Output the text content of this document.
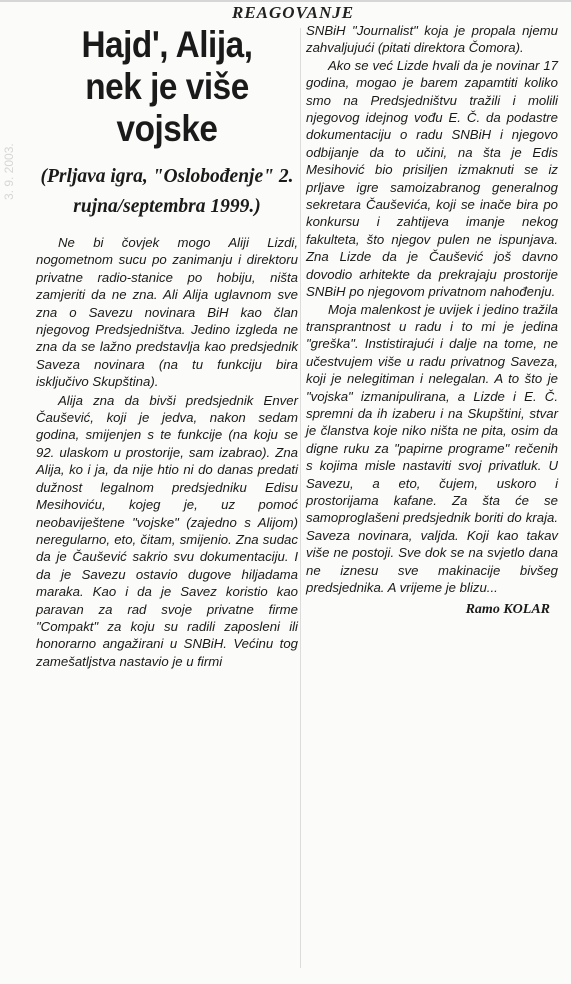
3. 9. 2003.
REAGOVANJE
Hajd', Alija, nek je više vojske
(Prljava igra, "Oslobođenje" 2. rujna/septembra 1999.)

Ne bi čovjek mogo Aliji Lizdi, nogometnom sucu po zanimanju i direktoru privatne radio-stanice po hobiju, ništa zamjeriti da ne zna. Ali Alija uglavnom sve zna o Savezu novinara BiH kao član njegovog Predsjedništva. Jedino izgleda ne zna da se lažno predstavlja kao predsjednik Saveza novinara (na tu funkciju bira isključivo Skupština).

Alija zna da bivši predsjednik Enver Čaušević, koji je jedva, nakon sedam godina, smijenjen s te funkcije (na koju se 92. ulaskom u prostorije, sam izabrao). Zna Alija, ko i ja, da nije htio ni do danas predati dužnost legalnom predsjedniku Edisu Mesihoviću, kojeg je, uz pomoć neobaviještene "vojske" (zajedno s Alijom) neregularno, eto, čitam, smijenio. Zna sudac da je Čaušević sakrio svu dokumentaciju. I da je Savezu ostavio dugove hiljadama maraka. Kao i da je Savez koristio kao paravan za rad svoje privatne firme "Compakt" za koju su radili zaposleni ili honorarno angažirani u SNBiH. Većinu tog zamešatljstva nastavio je u firmi

SNBiH "Journalist" koja je propala njemu zahvaljujući (pitati direktora Čomora).

Ako se već Lizde hvali da je novinar 17 godina, mogao je barem zapamtiti koliko smo na Predsjedništvu tražili i molili njegovog idejnog vođu E. Č. da podastre dokumentaciju o radu SNBiH i njegovo odbijanje da to učini, na šta je Edis Mesihović bio prisiljen izmaknuti se iz prljave igre samoizabranog generalnog sekretara Čauševića, koji se inače bira po konkursu i zahtijeva imanje nekog fakulteta, što njegov pulen ne ispunjava. Zna Lizde da je Čaušević još davno dovodio arhitekte da prekrajaju prostorije SNBiH po njegovom privatnom nahođenju.

Moja malenkost je uvijek i jedino tražila transprantnost u radu i to mi je jedina "greška". Instistirajući i dalje na tome, ne učestvujem više u radu privatnog Saveza, koji je nelegitiman i nelegalan. A to što je "vojska" izmanipulirana, a Lizde i E. Č. spremni da ih izaberu i na Skupštini, stvar je članstva koje niko ništa ne pita, osim da digne ruku za "papirne programe" rečenih s kojima misle nastaviti svoj privatluk. U Savezu, a eto, čujem, uskoro i prostorijama kafane. Za šta će se samoproglašeni predsjednik boriti do kraja. Saveza novinara, valjda. Koji kao takav više ne postoji. Sve dok se na svjetlo dana ne iznesu sve makinacije bivšeg predsjednika. A vrijeme je blizu...

Ramo KOLAR
